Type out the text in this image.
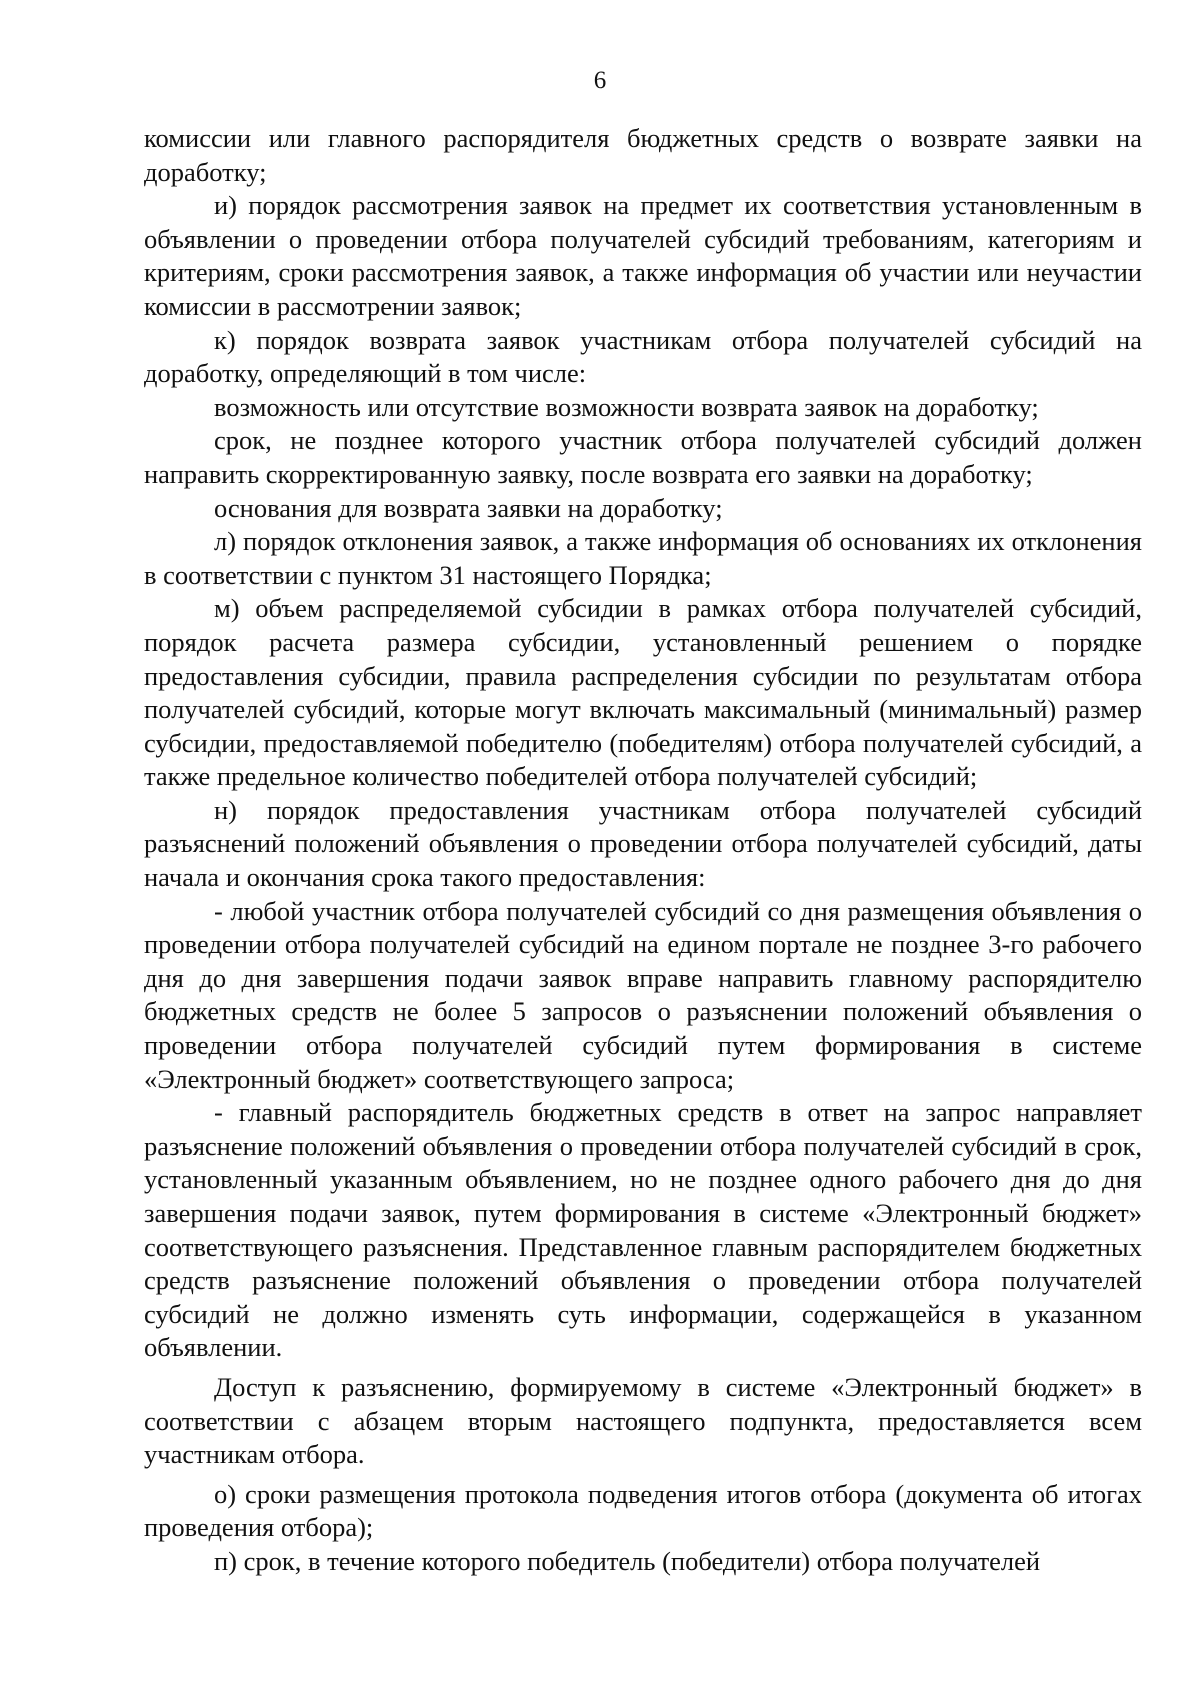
6

комиссии или главного распорядителя бюджетных средств о возврате заявки на доработку;

и) порядок рассмотрения заявок на предмет их соответствия установленным в объявлении о проведении отбора получателей субсидий требованиям, категориям и критериям, сроки рассмотрения заявок, а также информация об участии или неучастии комиссии в рассмотрении заявок;

к) порядок возврата заявок участникам отбора получателей субсидий на доработку, определяющий в том числе:

возможность или отсутствие возможности возврата заявок на доработку;

срок, не позднее которого участник отбора получателей субсидий должен направить скорректированную заявку, после возврата его заявки на доработку;

основания для возврата заявки на доработку;

л) порядок отклонения заявок, а также информация об основаниях их отклонения в соответствии с пунктом 31 настоящего Порядка;

м) объем распределяемой субсидии в рамках отбора получателей субсидий, порядок расчета размера субсидии, установленный решением о порядке предоставления субсидии, правила распределения субсидии по результатам отбора получателей субсидий, которые могут включать максимальный (минимальный) размер субсидии, предоставляемой победителю (победителям) отбора получателей субсидий, а также предельное количество победителей отбора получателей субсидий;

н) порядок предоставления участникам отбора получателей субсидий разъяснений положений объявления о проведении отбора получателей субсидий, даты начала и окончания срока такого предоставления:

- любой участник отбора получателей субсидий со дня размещения объявления о проведении отбора получателей субсидий на едином портале не позднее 3-го рабочего дня до дня завершения подачи заявок вправе направить главному распорядителю бюджетных средств не более 5 запросов о разъяснении положений объявления о проведении отбора получателей субсидий путем формирования в системе «Электронный бюджет» соответствующего запроса;

- главный распорядитель бюджетных средств в ответ на запрос направляет разъяснение положений объявления о проведении отбора получателей субсидий в срок, установленный указанным объявлением, но не позднее одного рабочего дня до дня завершения подачи заявок, путем формирования в системе «Электронный бюджет» соответствующего разъяснения. Представленное главным распорядителем бюджетных средств разъяснение положений объявления о проведении отбора получателей субсидий не должно изменять суть информации, содержащейся в указанном объявлении.

Доступ к разъяснению, формируемому в системе «Электронный бюджет» в соответствии с абзацем вторым настоящего подпункта, предоставляется всем участникам отбора.

о) сроки размещения протокола подведения итогов отбора (документа об итогах проведения отбора);

п) срок, в течение которого победитель (победители) отбора получателей
